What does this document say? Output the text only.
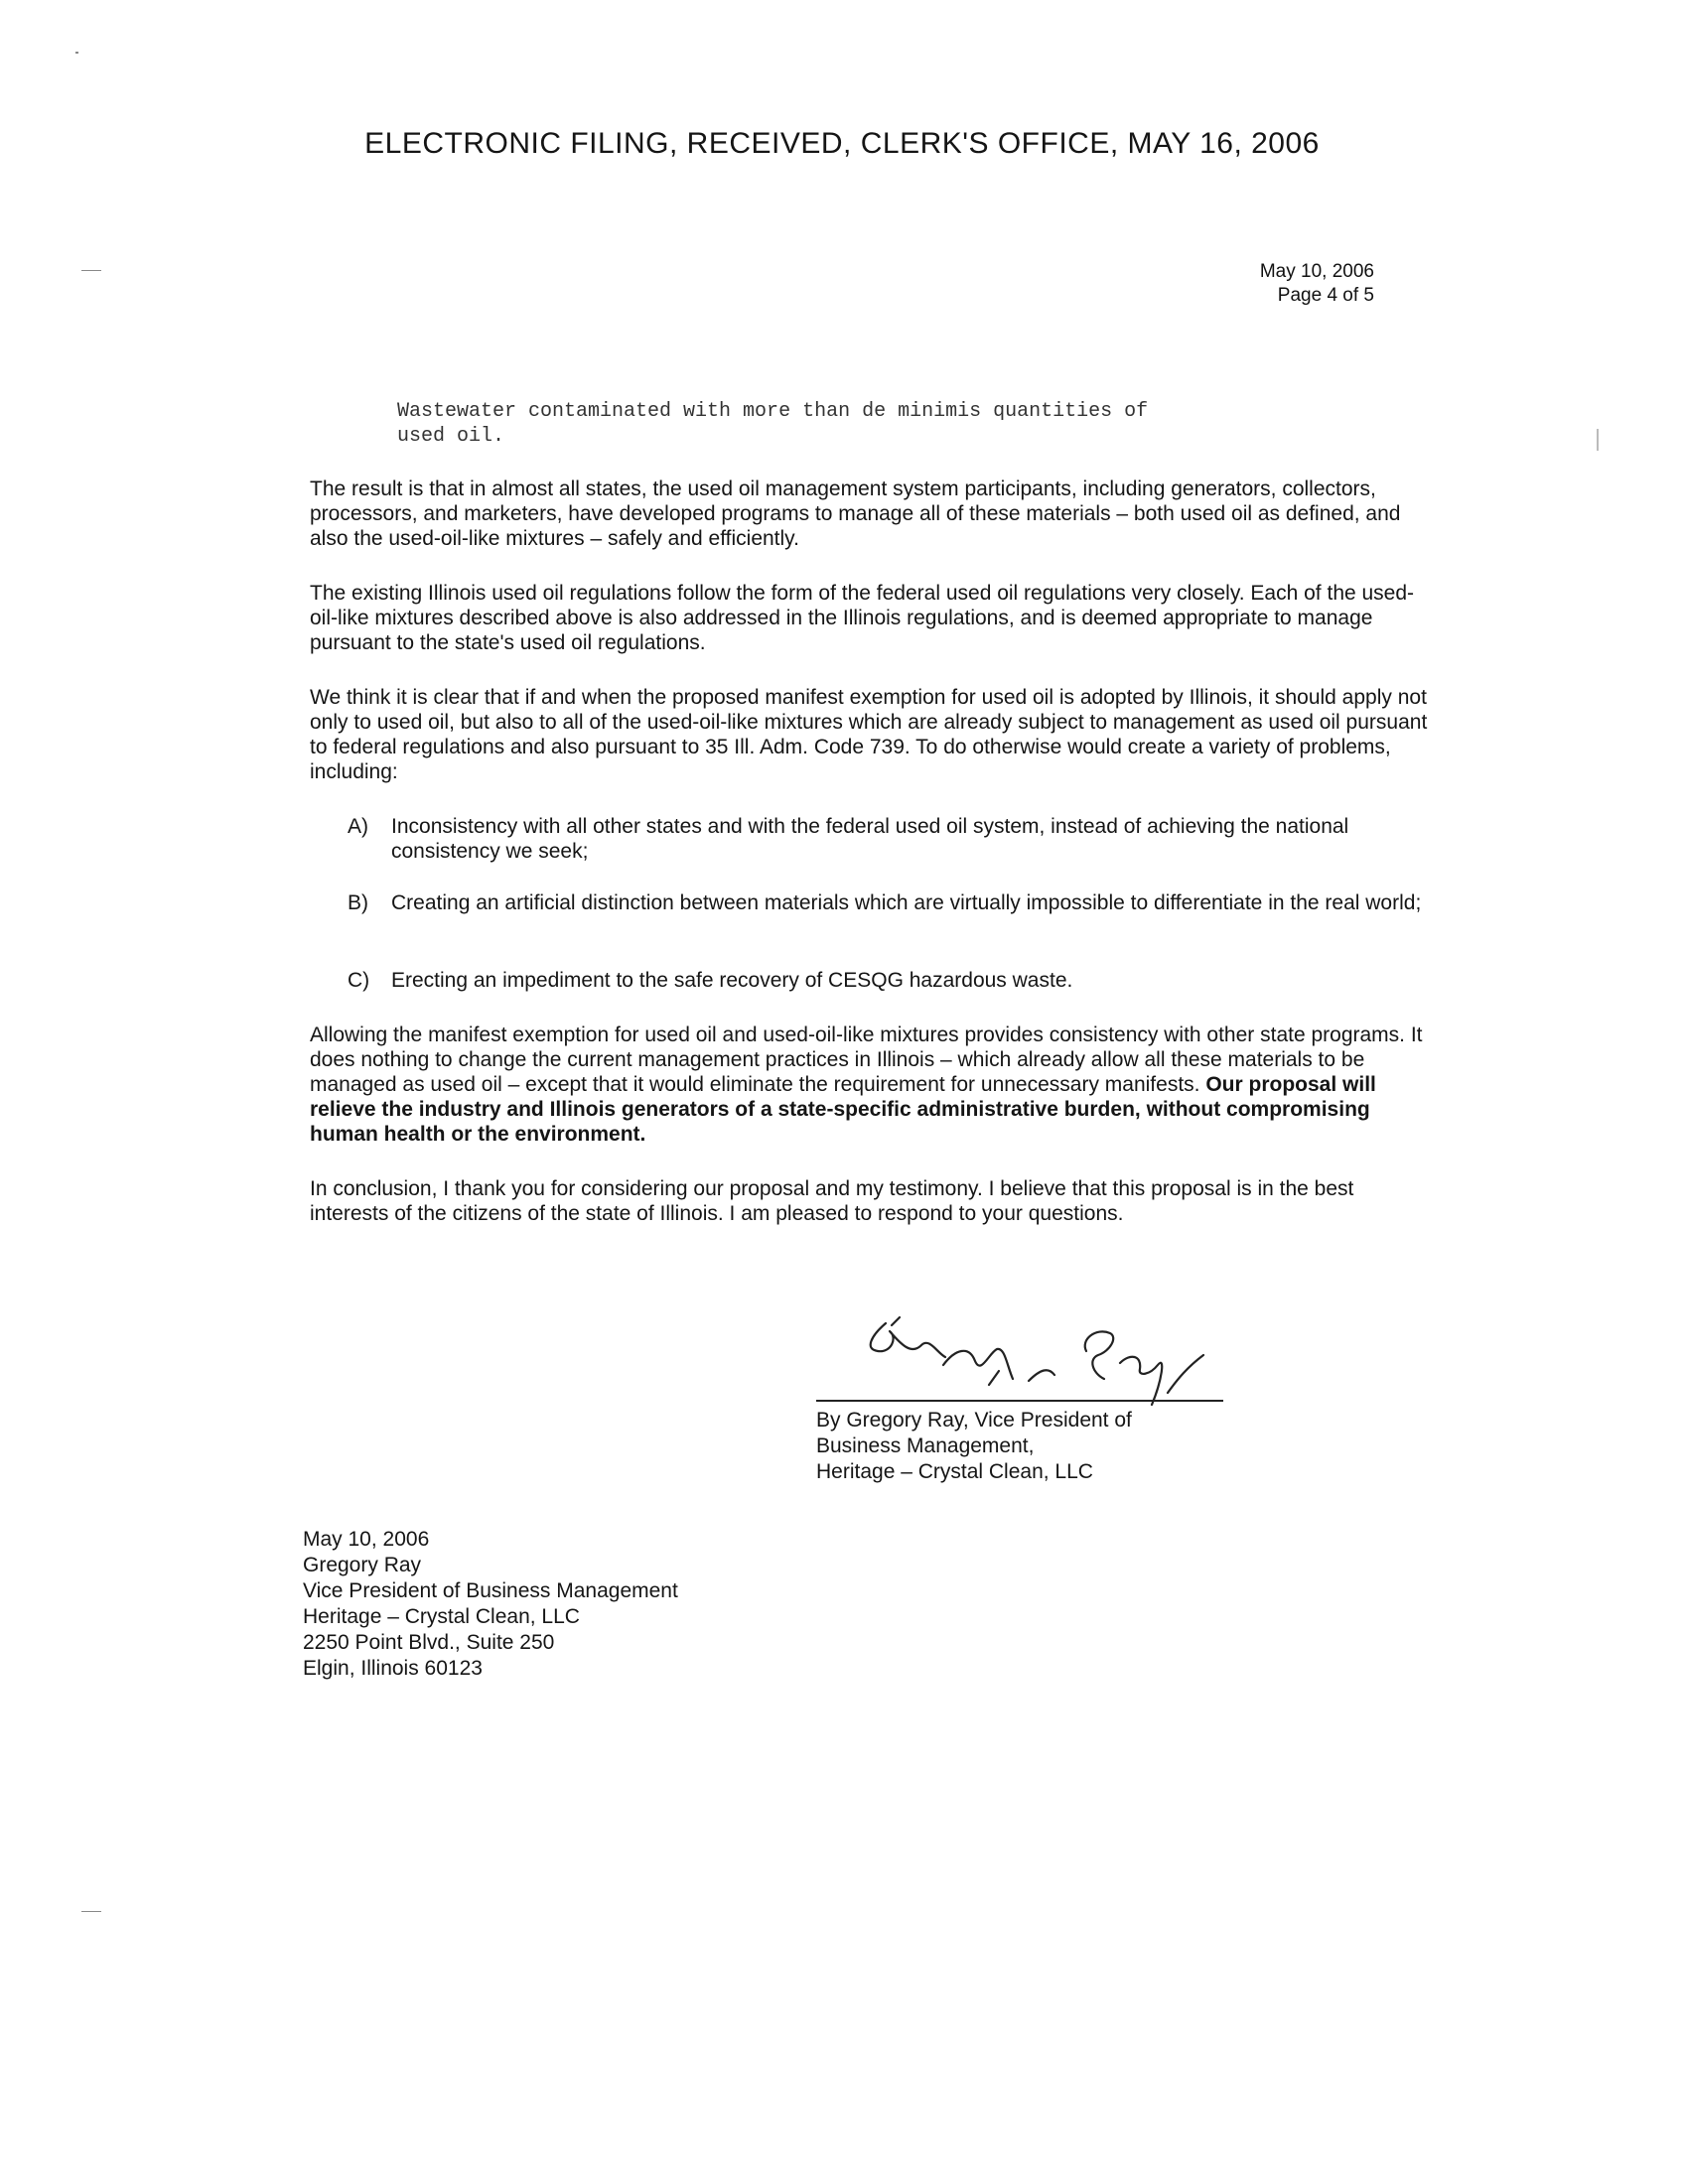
ELECTRONIC FILING, RECEIVED, CLERK'S OFFICE, MAY 16, 2006
May 10, 2006
Page 4 of 5
Wastewater contaminated with more than de minimis quantities of
used oil.
The result is that in almost all states, the used oil management system participants, including generators, collectors, processors, and marketers, have developed programs to manage all of these materials – both used oil as defined, and also the used-oil-like mixtures – safely and efficiently.
The existing Illinois used oil regulations follow the form of the federal used oil regulations very closely. Each of the used-oil-like mixtures described above is also addressed in the Illinois regulations, and is deemed appropriate to manage pursuant to the state's used oil regulations.
We think it is clear that if and when the proposed manifest exemption for used oil is adopted by Illinois, it should apply not only to used oil, but also to all of the used-oil-like mixtures which are already subject to management as used oil pursuant to federal regulations and also pursuant to 35 Ill. Adm. Code 739. To do otherwise would create a variety of problems, including:
A)	Inconsistency with all other states and with the federal used oil system, instead of achieving the national consistency we seek;
B)	Creating an artificial distinction between materials which are virtually impossible to differentiate in the real world;
C)	Erecting an impediment to the safe recovery of CESQG hazardous waste.
Allowing the manifest exemption for used oil and used-oil-like mixtures provides consistency with other state programs. It does nothing to change the current management practices in Illinois – which already allow all these materials to be managed as used oil – except that it would eliminate the requirement for unnecessary manifests. Our proposal will relieve the industry and Illinois generators of a state-specific administrative burden, without compromising human health or the environment.
In conclusion, I thank you for considering our proposal and my testimony. I believe that this proposal is in the best interests of the citizens of the state of Illinois. I am pleased to respond to your questions.
By Gregory Ray, Vice President of
Business Management,
Heritage – Crystal Clean, LLC
May 10, 2006
Gregory Ray
Vice President of Business Management
Heritage – Crystal Clean, LLC
2250 Point Blvd., Suite 250
Elgin, Illinois 60123
